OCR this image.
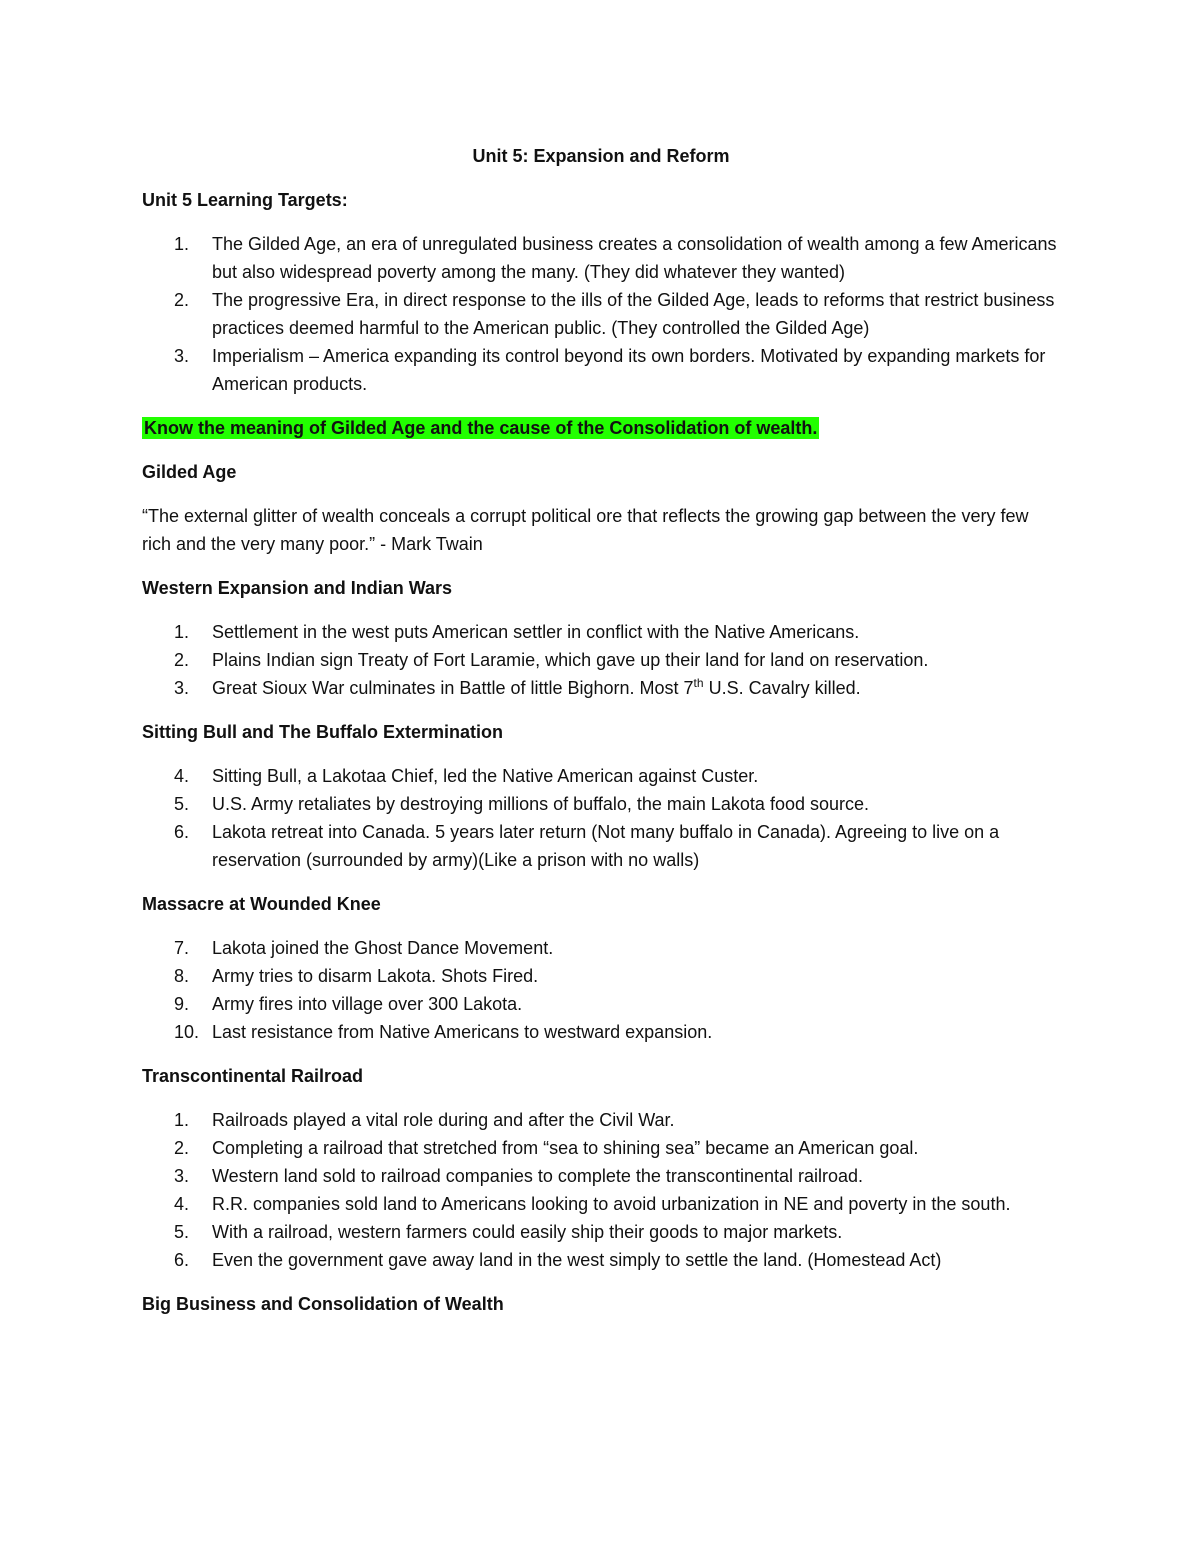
Unit 5: Expansion and Reform

Unit 5 Learning Targets:

1. The Gilded Age, an era of unregulated business creates a consolidation of wealth among a few Americans but also widespread poverty among the many. (They did whatever they wanted)
2. The progressive Era, in direct response to the ills of the Gilded Age, leads to reforms that restrict business practices deemed harmful to the American public. (They controlled the Gilded Age)
3. Imperialism – America expanding its control beyond its own borders. Motivated by expanding markets for American products.

Know the meaning of Gilded Age and the cause of the Consolidation of wealth.

Gilded Age

“The external glitter of wealth conceals a corrupt political ore that reflects the growing gap between the very few rich and the very many poor.” - Mark Twain

Western Expansion and Indian Wars

1. Settlement in the west puts American settler in conflict with the Native Americans.
2. Plains Indian sign Treaty of Fort Laramie, which gave up their land for land on reservation.
3. Great Sioux War culminates in Battle of little Bighorn. Most 7th U.S. Cavalry killed.

Sitting Bull and The Buffalo Extermination

4. Sitting Bull, a Lakotaa Chief, led the Native American against Custer.
5. U.S. Army retaliates by destroying millions of buffalo, the main Lakota food source.
6. Lakota retreat into Canada. 5 years later return (Not many buffalo in Canada). Agreeing to live on a reservation (surrounded by army)(Like a prison with no walls)

Massacre at Wounded Knee

7. Lakota joined the Ghost Dance Movement.
8. Army tries to disarm Lakota. Shots Fired.
9. Army fires into village over 300 Lakota.
10. Last resistance from Native Americans to westward expansion.

Transcontinental Railroad

1. Railroads played a vital role during and after the Civil War.
2. Completing a railroad that stretched from “sea to shining sea” became an American goal.
3. Western land sold to railroad companies to complete the transcontinental railroad.
4. R.R. companies sold land to Americans looking to avoid urbanization in NE and poverty in the south.
5. With a railroad, western farmers could easily ship their goods to major markets.
6. Even the government gave away land in the west simply to settle the land. (Homestead Act)

Big Business and Consolidation of Wealth
